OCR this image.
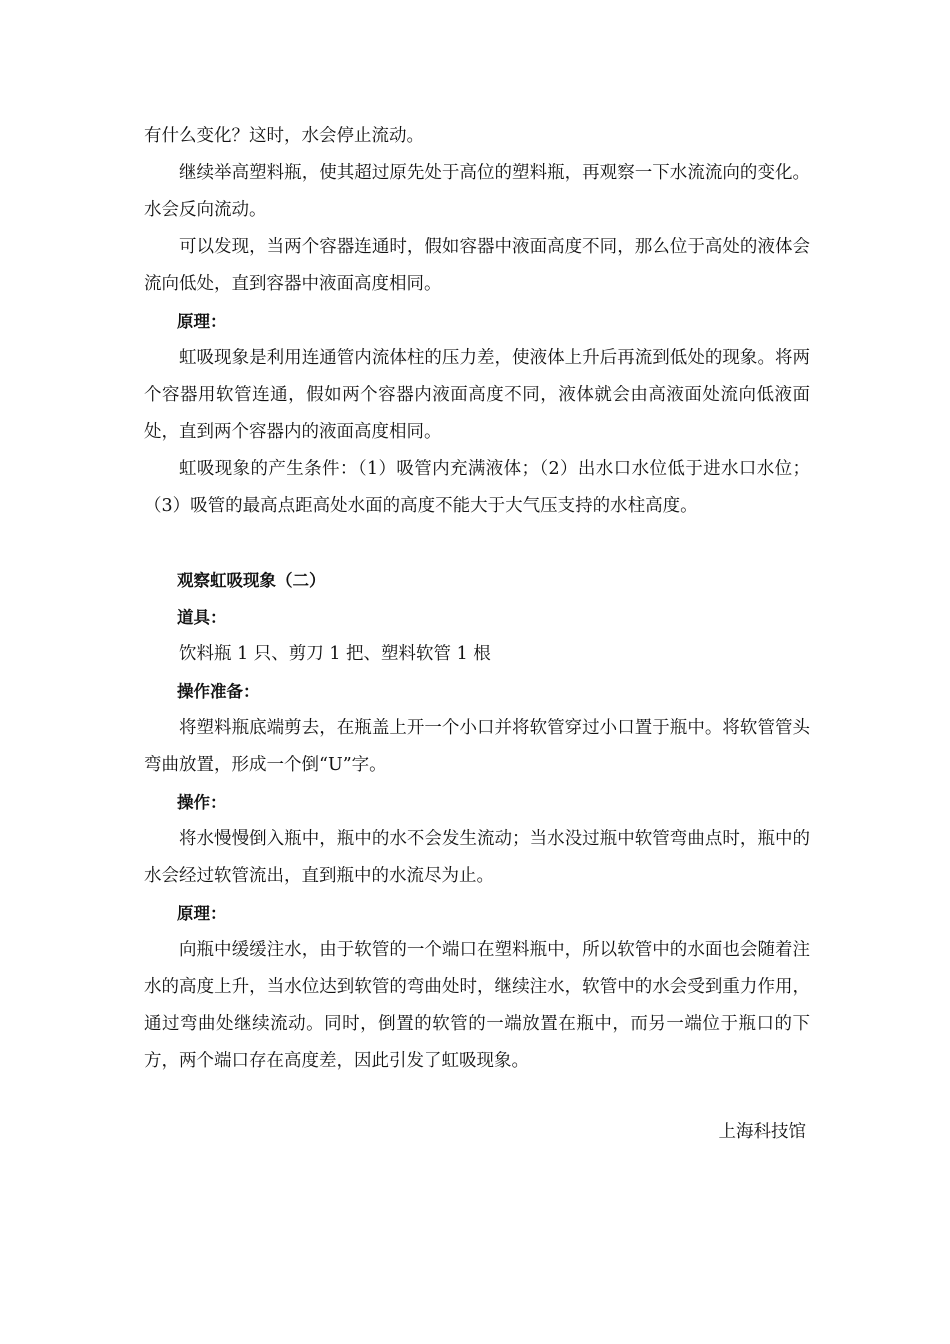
有什么变化？这时，水会停止流动。

继续举高塑料瓶，使其超过原先处于高位的塑料瓶，再观察一下水流流向的变化。水会反向流动。

可以发现，当两个容器连通时，假如容器中液面高度不同，那么位于高处的液体会流向低处，直到容器中液面高度相同。

原理：

虹吸现象是利用连通管内流体柱的压力差，使液体上升后再流到低处的现象。将两个容器用软管连通，假如两个容器内液面高度不同，液体就会由高液面处流向低液面处，直到两个容器内的液面高度相同。

虹吸现象的产生条件：（1）吸管内充满液体；（2）出水口水位低于进水口水位；（3）吸管的最高点距高处水面的高度不能大于大气压支持的水柱高度。

观察虹吸现象（二）

道具：

饮料瓶 1 只、剪刀 1 把、塑料软管 1 根

操作准备：

将塑料瓶底端剪去，在瓶盖上开一个小口并将软管穿过小口置于瓶中。将软管管头弯曲放置，形成一个倒“U”字。

操作：

将水慢慢倒入瓶中，瓶中的水不会发生流动；当水没过瓶中软管弯曲点时，瓶中的水会经过软管流出，直到瓶中的水流尽为止。

原理：

向瓶中缓缓注水，由于软管的一个端口在塑料瓶中，所以软管中的水面也会随着注水的高度上升，当水位达到软管的弯曲处时，继续注水，软管中的水会受到重力作用，通过弯曲处继续流动。同时，倒置的软管的一端放置在瓶中，而另一端位于瓶口的下方，两个端口存在高度差，因此引发了虹吸现象。

上海科技馆
